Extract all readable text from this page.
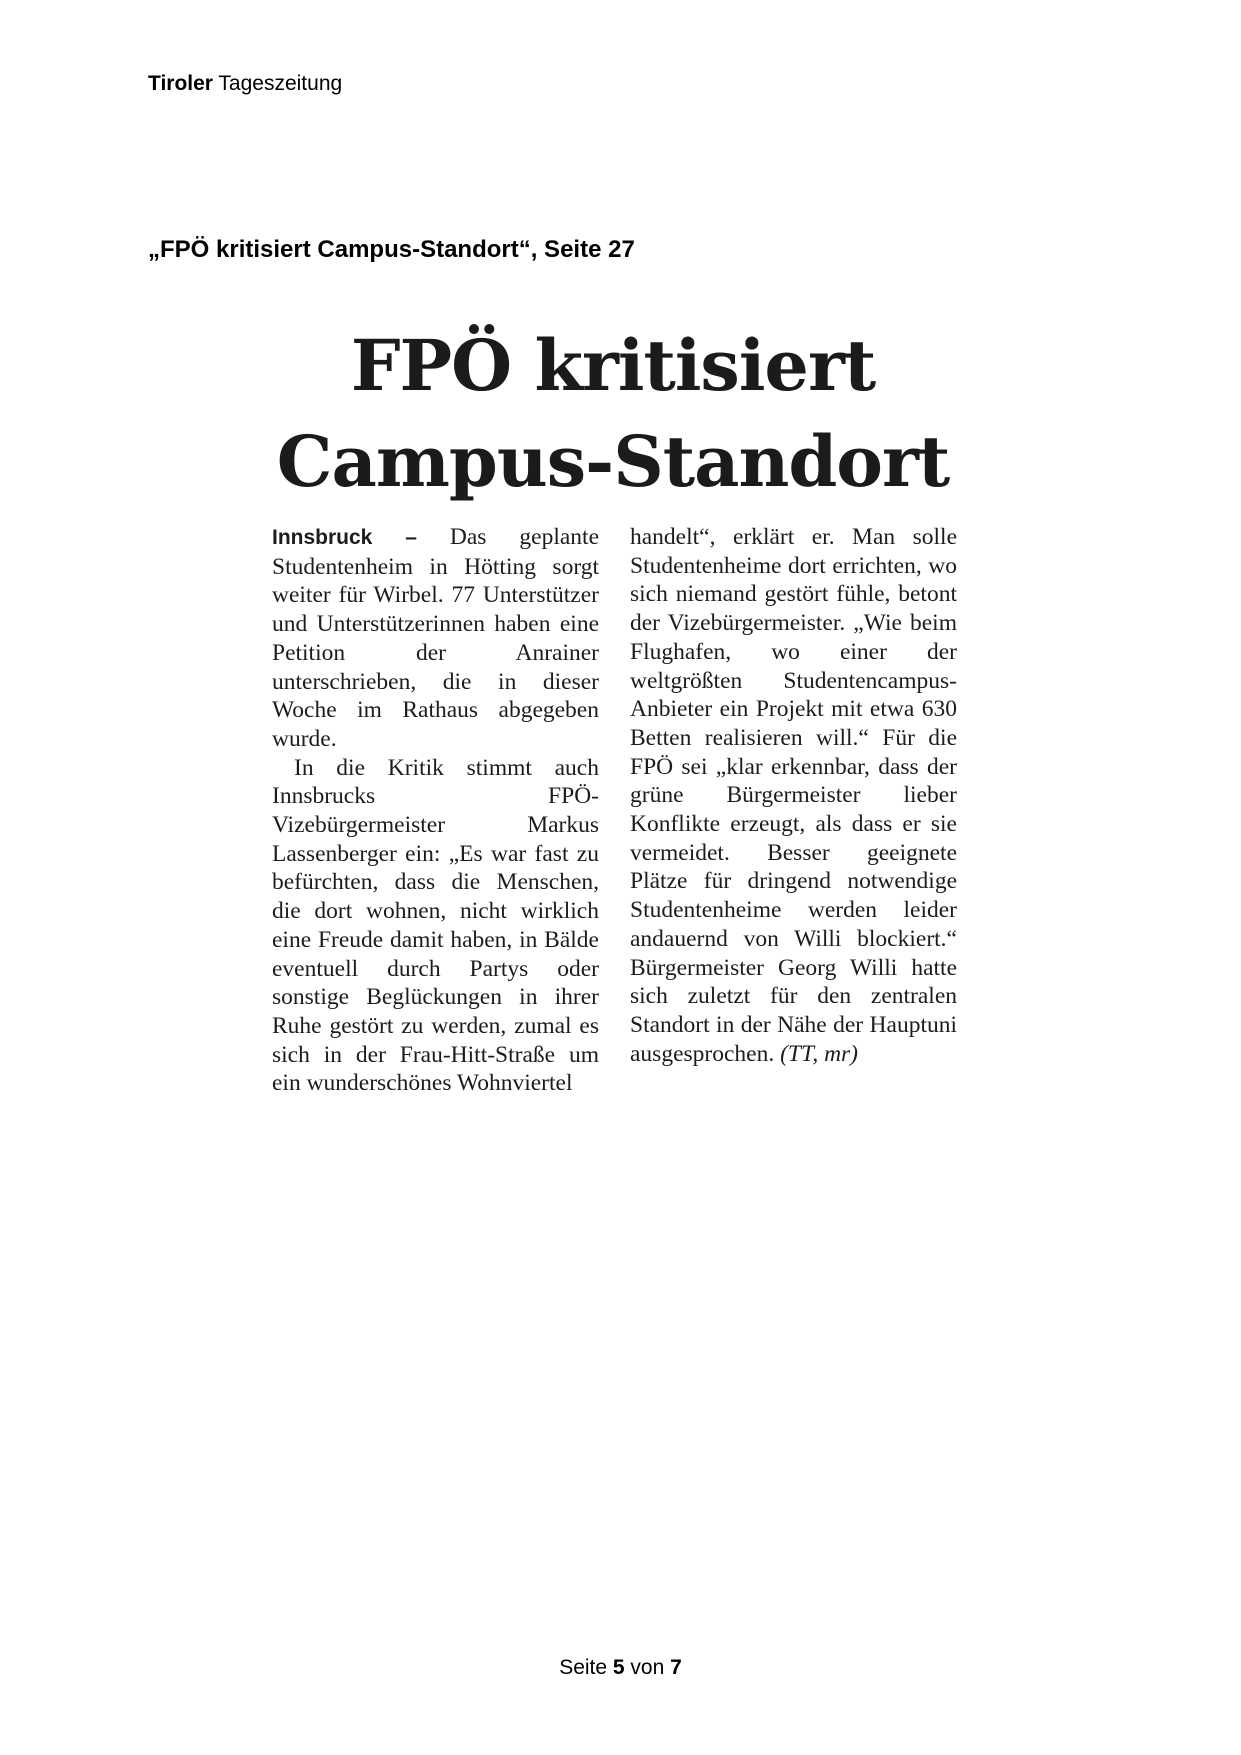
Tiroler Tageszeitung
„FPÖ kritisiert Campus-Standort“, Seite 27
FPÖ kritisiert
Campus-Standort

Innsbruck – Das geplante Studentenheim in Hötting sorgt weiter für Wirbel. 77 Unterstützer und Unterstützerinnen haben eine Petition der Anrainer unterschrieben, die in dieser Woche im Rathaus abgegeben wurde.

In die Kritik stimmt auch Innsbrucks FPÖ-Vizebürgermeister Markus Lassenberger ein: „Es war fast zu befürchten, dass die Menschen, die dort wohnen, nicht wirklich eine Freude damit haben, in Bälde eventuell durch Partys oder sonstige Beglückungen in ihrer Ruhe gestört zu werden, zumal es sich in der Frau-Hitt-Straße um ein wunderschönes Wohnviertel

handelt“, erklärt er. Man solle Studentenheime dort errichten, wo sich niemand gestört fühle, betont der Vizebürgermeister. „Wie beim Flughafen, wo einer der weltgrößten Studentencampus-Anbieter ein Projekt mit etwa 630 Betten realisieren will.“ Für die FPÖ sei „klar erkennbar, dass der grüne Bürgermeister lieber Konflikte erzeugt, als dass er sie vermeidet. Besser geeignete Plätze für dringend notwendige Studentenheime werden leider andauernd von Willi blockiert.“ Bürgermeister Georg Willi hatte sich zuletzt für den zentralen Standort in der Nähe der Hauptuni ausgesprochen. (TT, mr)

Seite 5 von 7
